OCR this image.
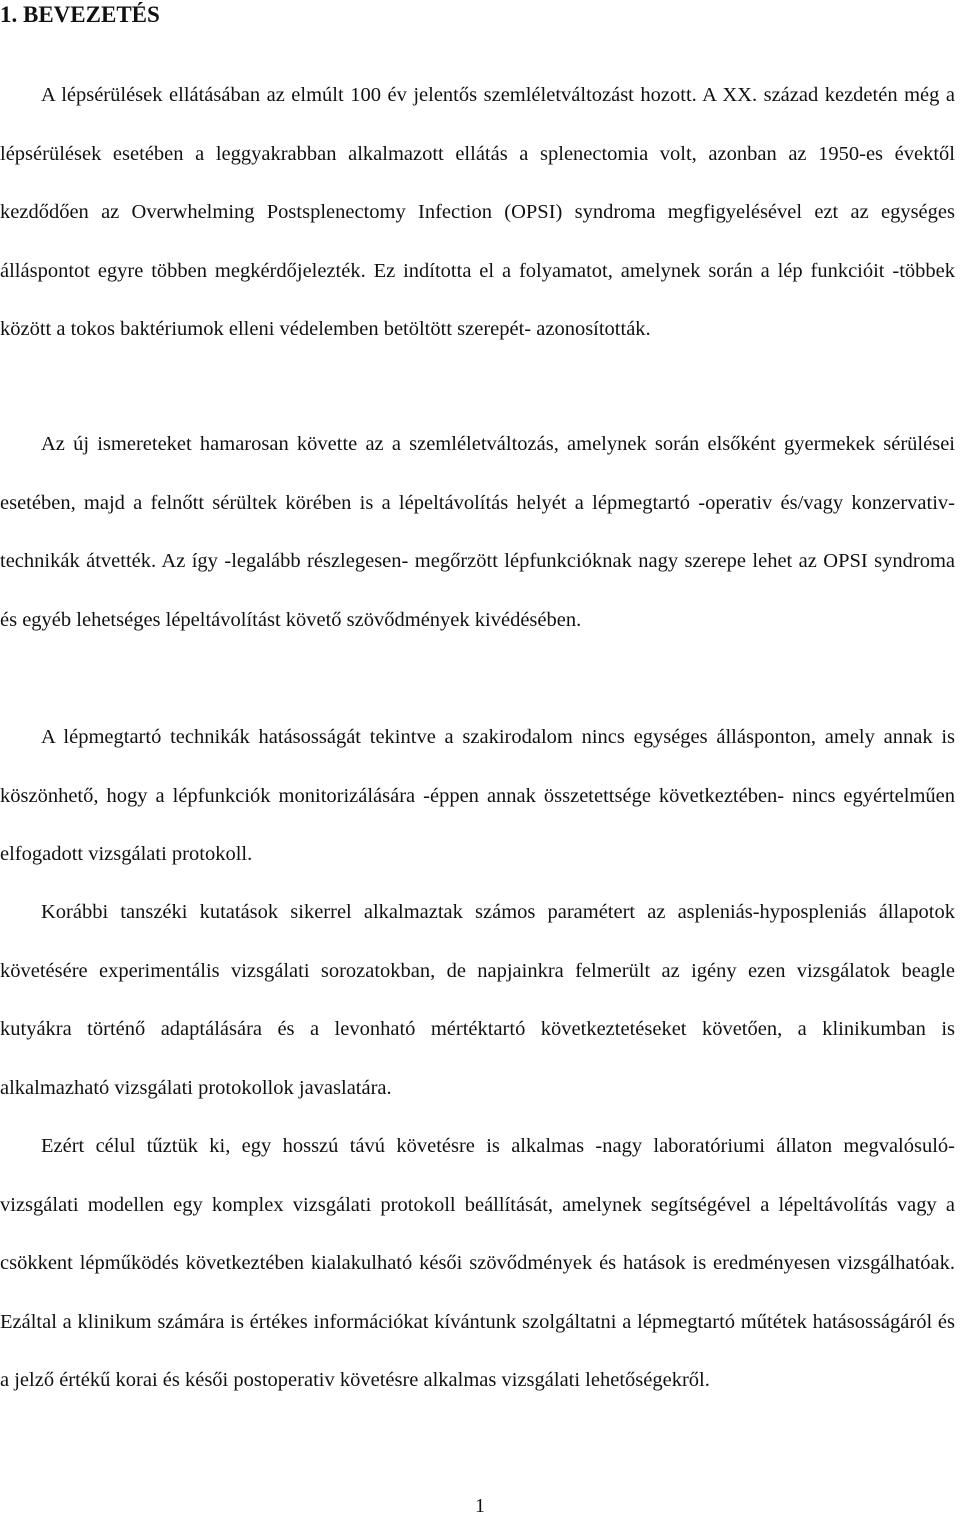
1. BEVEZETÉS

A lépsérülések ellátásában az elmúlt 100 év jelentős szemléletváltozást hozott. A XX. század kezdetén még a lépsérülések esetében a leggyakrabban alkalmazott ellátás a splenectomia volt, azonban az 1950-es évektől kezdődően az Overwhelming Postsplenectomy Infection (OPSI) syndroma megfigyelésével ezt az egységes álláspontot egyre többen megkérdőjelezték. Ez indította el a folyamatot, amelynek során a lép funkcióit -többek között a tokos baktériumok elleni védelemben betöltött szerepét- azonosították.

Az új ismereteket hamarosan követte az a szemléletváltozás, amelynek során elsőként gyermekek sérülései esetében, majd a felnőtt sérültek körében is a lépeltávolítás helyét a lépmegtartó -operativ és/vagy konzervativ- technikák átvették. Az így -legalább részlegesen- megőrzött lépfunkcióknak nagy szerepe lehet az OPSI syndroma és egyéb lehetséges lépeltávolítást követő szövődmények kivédésében.

A lépmegtartó technikák hatásosságát tekintve a szakirodalom nincs egységes állásponton, amely annak is köszönhető, hogy a lépfunkciók monitorizálására -éppen annak összetettsége következtében- nincs egyértelműen elfogadott vizsgálati protokoll.

Korábbi tanszéki kutatások sikerrel alkalmaztak számos paramétert az aspleniás-hypospleniás állapotok követésére experimentális vizsgálati sorozatokban, de napjainkra felmerült az igény ezen vizsgálatok beagle kutyákra történő adaptálására és a levonható mértéktartó következtetéseket követően, a klinikumban is alkalmazható vizsgálati protokollok javaslatára.

Ezért célul tűztük ki, egy hosszú távú követésre is alkalmas -nagy laboratóriumi állaton megvalósuló- vizsgálati modellen egy komplex vizsgálati protokoll beállítását, amelynek segítségével a lépeltávolítás vagy a csökkent lépműködés következtében kialakulható késői szövődmények és hatások is eredményesen vizsgálhatóak. Ezáltal a klinikum számára is értékes információkat kívántunk szolgáltatni a lépmegtartó műtétek hatásosságáról és a jelző értékű korai és késői postoperativ követésre alkalmas vizsgálati lehetőségekről.

1
